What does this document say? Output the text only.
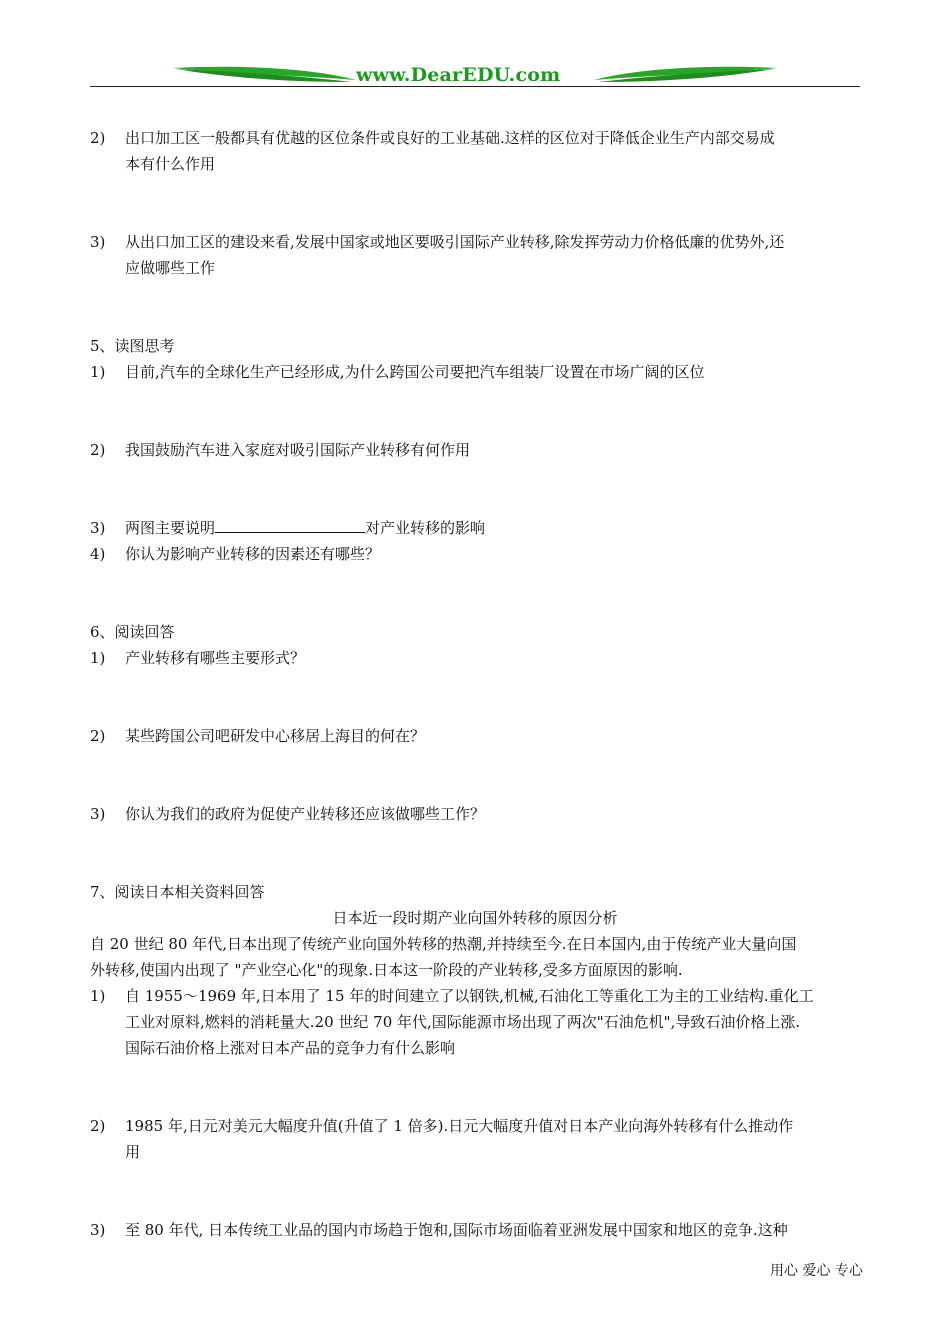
www.DearEDU.com
2) 出口加工区一般都具有优越的区位条件或良好的工业基础.这样的区位对于降低企业生产内部交易成
本有什么作用
3) 从出口加工区的建设来看,发展中国家或地区要吸引国际产业转移,除发挥劳动力价格低廉的优势外,还
应做哪些工作
5、读图思考
1) 目前,汽车的全球化生产已经形成,为什么跨国公司要把汽车组装厂设置在市场广阔的区位
2) 我国鼓励汽车进入家庭对吸引国际产业转移有何作用
3) 两图主要说明	对产业转移的影响
4) 你认为影响产业转移的因素还有哪些？
6、阅读回答
1) 产业转移有哪些主要形式？
2) 某些跨国公司吧研发中心移居上海目的何在？
3) 你认为我们的政府为促使产业转移还应该做哪些工作？
7、阅读日本相关资料回答
日本近一段时期产业向国外转移的原因分析
自 20 世纪 80 年代,日本出现了传统产业向国外转移的热潮,并持续至今.在日本国内,由于传统产业大量向国
外转移,使国内出现了 "产业空心化"的现象.日本这一阶段的产业转移,受多方面原因的影响.
1) 自 1955～1969 年,日本用了 15 年的时间建立了以钢铁,机械,石油化工等重化工为主的工业结构.重化工
工业对原料,燃料的消耗量大.20 世纪 70 年代,国际能源市场出现了两次"石油危机",导致石油价格上涨.
国际石油价格上涨对日本产品的竞争力有什么影响
2) 1985 年,日元对美元大幅度升值(升值了 1 倍多).日元大幅度升值对日本产业向海外转移有什么推动作
用
3) 至 80 年代, 日本传统工业品的国内市场趋于饱和,国际市场面临着亚洲发展中国家和地区的竞争.这种
用心 爱心 专心
